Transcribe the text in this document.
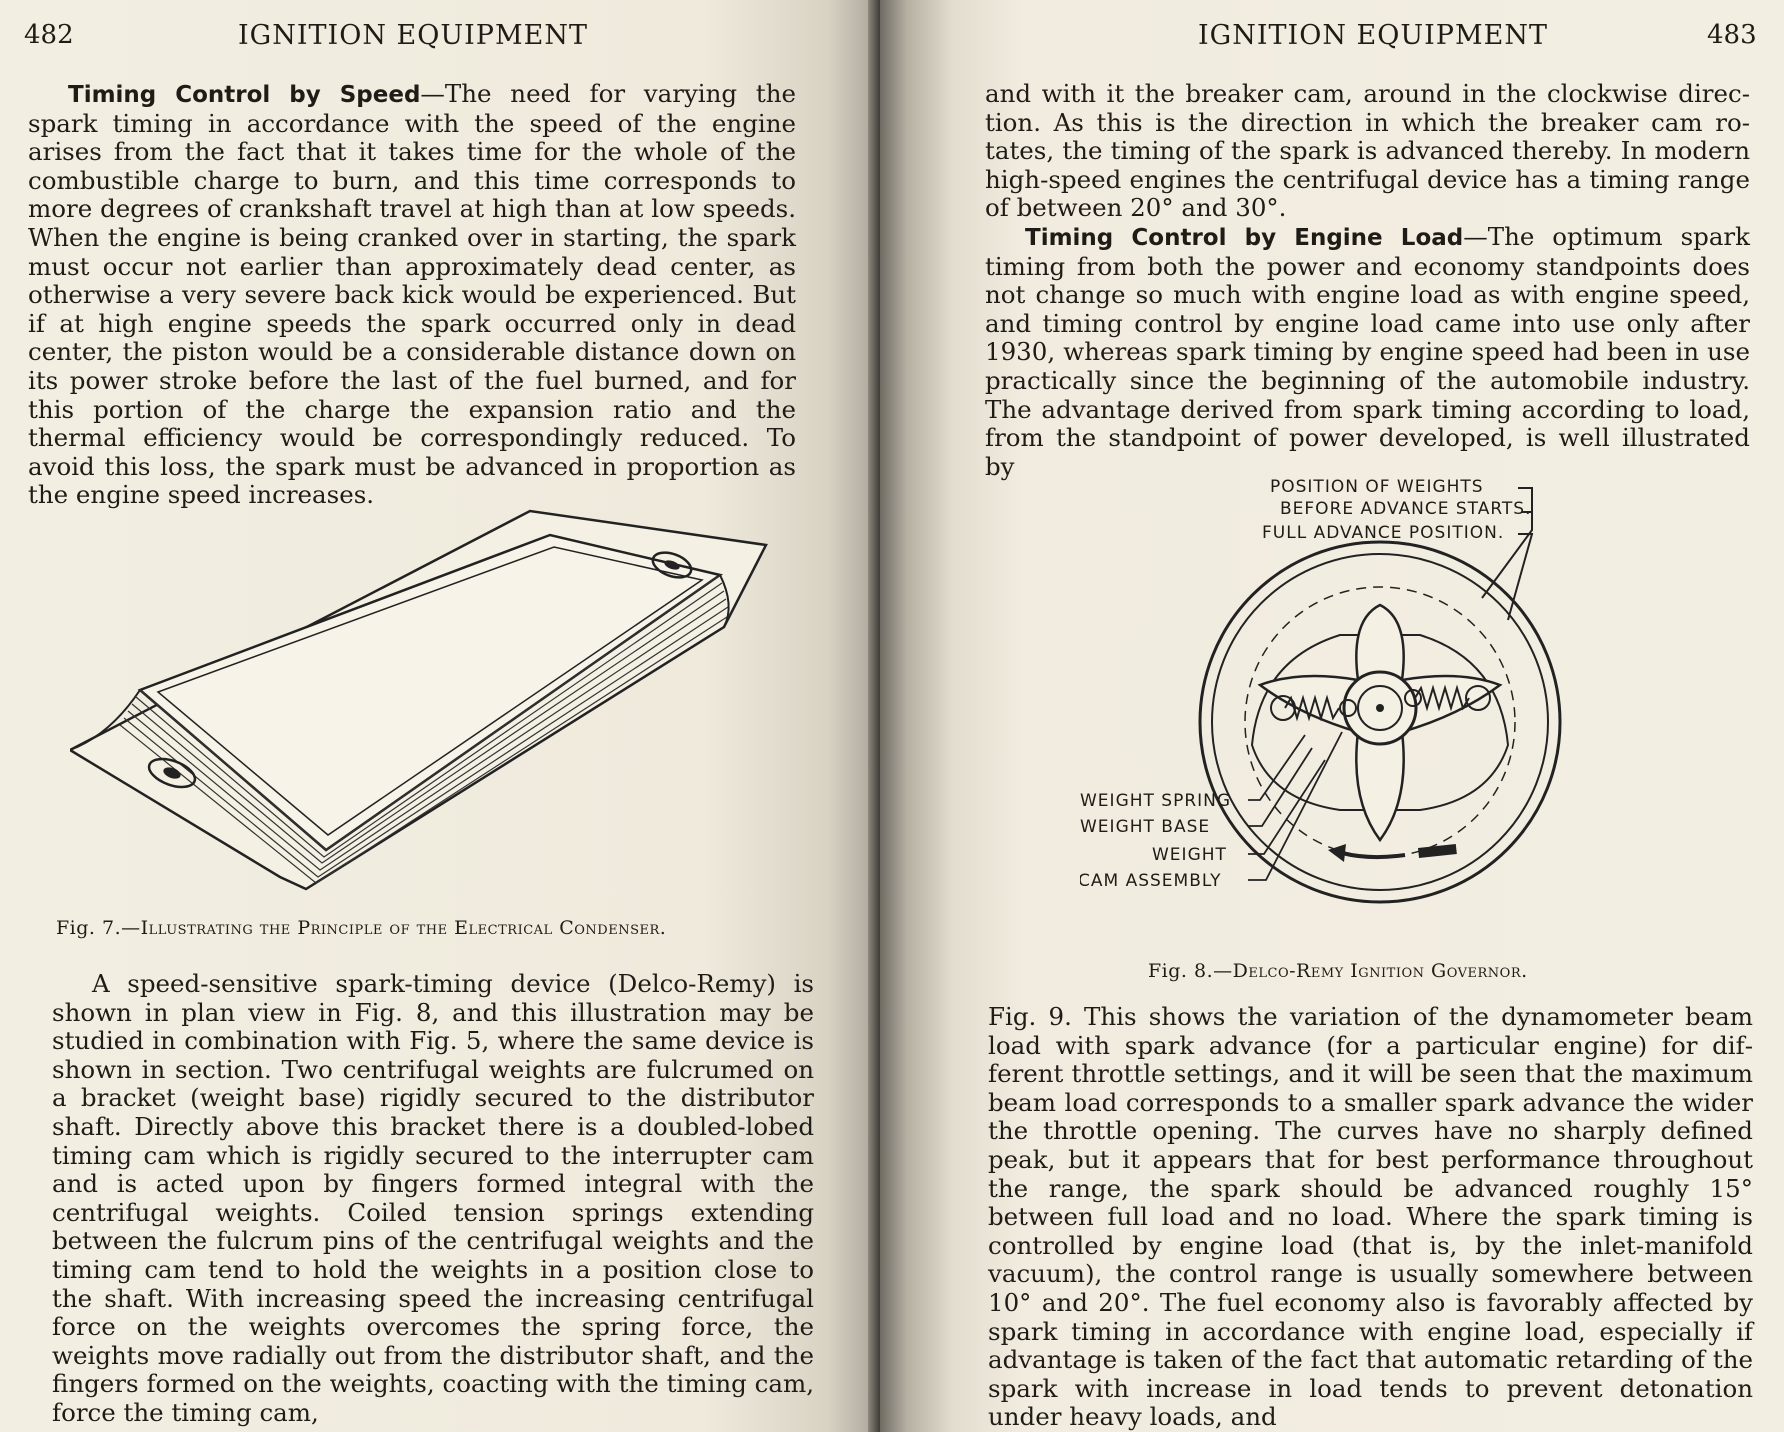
482	IGNITION EQUIPMENT

Timing Control by Speed—The need for varying the spark timing in accordance with the speed of the engine arises from the fact that it takes time for the whole of the combustible charge to burn, and this time corresponds to more degrees of crankshaft travel at high than at low speeds. When the engine is being cranked over in starting, the spark must occur not earlier than approximately dead center, as otherwise a very severe back kick would be experienced. But if at high engine speeds the spark occurred only in dead center, the piston would be a considerable distance down on its power stroke before the last of the fuel burned, and for this portion of the charge the expansion ratio and the thermal efficiency would be correspondingly reduced. To avoid this loss, the spark must be advanced in proportion as the engine speed increases.

Fig. 7.—Illustrating the Principle of the Electrical Condenser.

A speed-sensitive spark-timing device (Delco-Remy) is shown in plan view in Fig. 8, and this illustration may be studied in combination with Fig. 5, where the same device is shown in section. Two centrifugal weights are fulcrumed on a bracket (weight base) rigidly secured to the distributor shaft. Directly above this bracket there is a doubled-lobed timing cam which is rigidly secured to the interrupter cam and is acted upon by fingers formed integral with the centrifugal weights. Coiled tension springs extending between the fulcrum pins of the centrifugal weights and the timing cam tend to hold the weights in a position close to the shaft. With increasing speed the increasing centrifugal force on the weights overcomes the spring force, the weights move radially out from the distributor shaft, and the fingers formed on the weights, coacting with the timing cam, force the timing cam,

IGNITION EQUIPMENT	483

and with it the breaker cam, around in the clockwise direction. As this is the direction in which the breaker cam rotates, the timing of the spark is advanced thereby. In modern high-speed engines the centrifugal device has a timing range of between 20° and 30°.

Timing Control by Engine Load—The optimum spark timing from both the power and economy standpoints does not change so much with engine load as with engine speed, and timing control by engine load came into use only after 1930, whereas spark timing by engine speed had been in use practically since the beginning of the automobile industry. The advantage derived from spark timing according to load, from the standpoint of power developed, is well illustrated by

POSITION OF WEIGHTS
BEFORE ADVANCE STARTS.
FULL ADVANCE POSITION.
WEIGHT SPRING
WEIGHT BASE
WEIGHT
CAM ASSEMBLY
Fig. 8.—Delco-Remy Ignition Governor.

Fig. 9. This shows the variation of the dynamometer beam load with spark advance (for a particular engine) for different throttle settings, and it will be seen that the maximum beam load corresponds to a smaller spark advance the wider the throttle opening. The curves have no sharply defined peak, but it appears that for best performance throughout the range, the spark should be advanced roughly 15° between full load and no load. Where the spark timing is controlled by engine load (that is, by the inlet-manifold vacuum), the control range is usually somewhere between 10° and 20°. The fuel economy also is favorably affected by spark timing in accordance with engine load, especially if advantage is taken of the fact that automatic retarding of the spark with increase in load tends to prevent detonation under heavy loads, and
